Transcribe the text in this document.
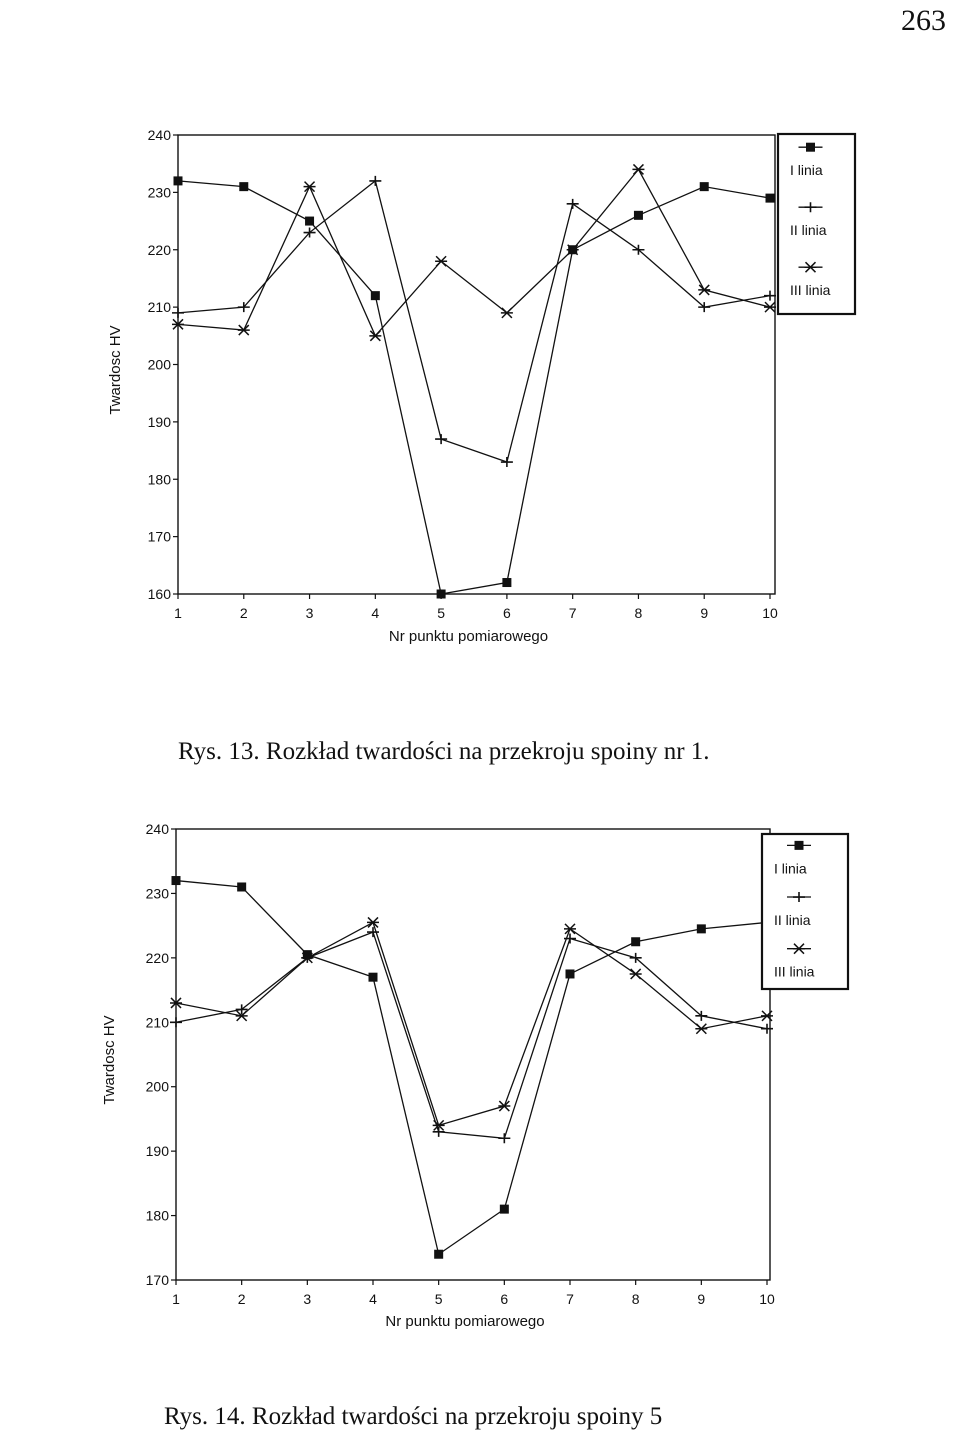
263
160
170
180
190
200
210
220
230
240
1	2	3	4	5	6	7	8	9	10
Nr punktu pomiarowego
Twardosc HV
I linia
II linia
III linia
170
180
190
200
210
220
230
240
1	2	3	4	5	6	7	8	9	10
Nr punktu pomiarowego
Twardosc HV
I linia
II linia
III linia
Rys. 13. Rozkład twardości na przekroju spoiny nr 1.
Rys. 14. Rozkład twardości na przekroju spoiny 5
